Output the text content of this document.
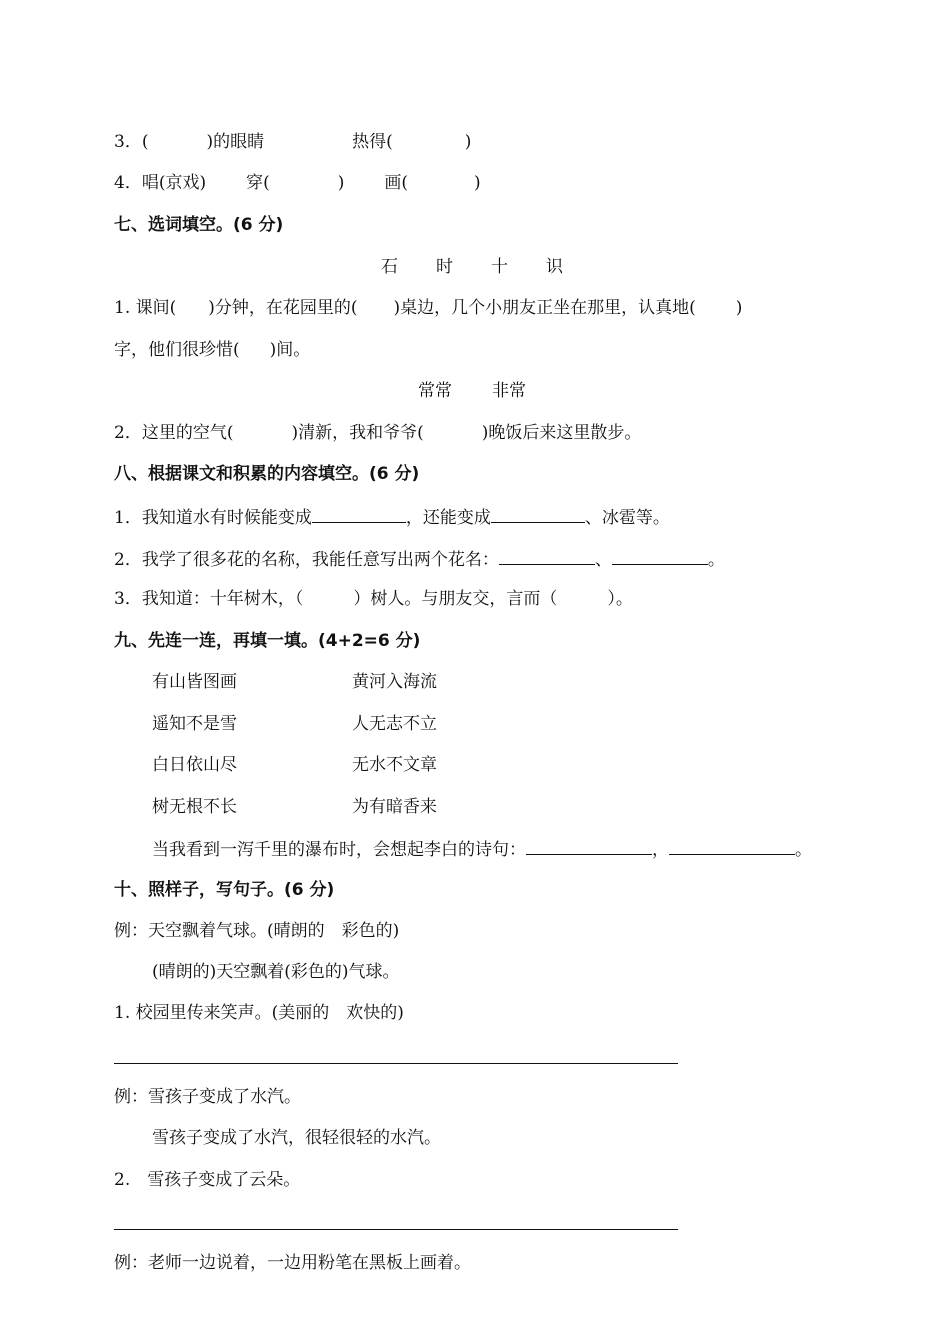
3．(	)的眼睛	热得(	)
4．唱(京戏) 穿(	) 画(	)
七、选词填空。(6 分)
石 时 十 识
1. 课间( )分钟，在花园里的( )桌边，几个小朋友正坐在那里，认真地( )
字，他们很珍惜( )间。
常常 非常
2．这里的空气(	)清新，我和爷爷(	)晚饭后来这里散步。
八、根据课文和积累的内容填空。(6 分)
1．我知道水有时候能变成	，还能变成	、冰雹等。
2．我学了很多花的名称，我能任意写出两个花名：	、	。
3．我知道：十年树木，（	）树人。与朋友交，言而（	）。
九、先连一连，再填一填。(4+2=6 分)
有山皆图画	黄河入海流
遥知不是雪	人无志不立
白日依山尽	无水不文章
树无根不长	为有暗香来
当我看到一泻千里的瀑布时，会想起李白的诗句：	，	。
十、照样子，写句子。(6 分)
例：天空飘着气球。(晴朗的　彩色的)
(晴朗的)天空飘着(彩色的)气球。
1. 校园里传来笑声。(美丽的　欢快的)
例：雪孩子变成了水汽。
雪孩子变成了水汽，很轻很轻的水汽。
2.　雪孩子变成了云朵。
例：老师一边说着，一边用粉笔在黑板上画着。
